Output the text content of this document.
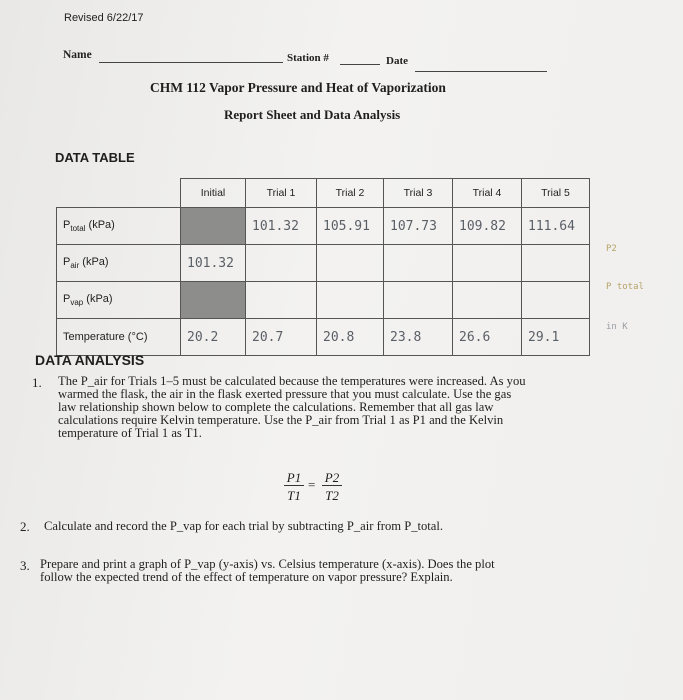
Revised 6/22/17
Name	Station #	Date
CHM 112 Vapor Pressure and Heat of Vaporization
Report Sheet and Data Analysis
DATA TABLE
	Initial	Trial 1	Trial 2	Trial 3	Trial 4	Trial 5
$P_{total}$ (kPa)		101.32	105.91	107.73	109.82	111.64
$P_{air}$ (kPa)	101.32					
$P_{vap}$ (kPa)						
Temperature (°C)	20.2	20.7	20.8	23.8	26.6	29.1
P2
P total
in K
DATA ANALYSIS
1. The P_air for Trials 1–5 must be calculated because the temperatures were increased. As you
warmed the flask, the air in the flask exerted pressure that you must calculate. Use the gas
law relationship shown below to complete the calculations. Remember that all gas law
calculations require Kelvin temperature. Use the P_air from Trial 1 as P1 and the Kelvin
temperature of Trial 1 as T1.
P1
T1
= P2
T2
2. Calculate and record the P_vap for each trial by subtracting P_air from P_total.
3. Prepare and print a graph of P_vap (y-axis) vs. Celsius temperature (x-axis). Does the plot
follow the expected trend of the effect of temperature on vapor pressure? Explain.
